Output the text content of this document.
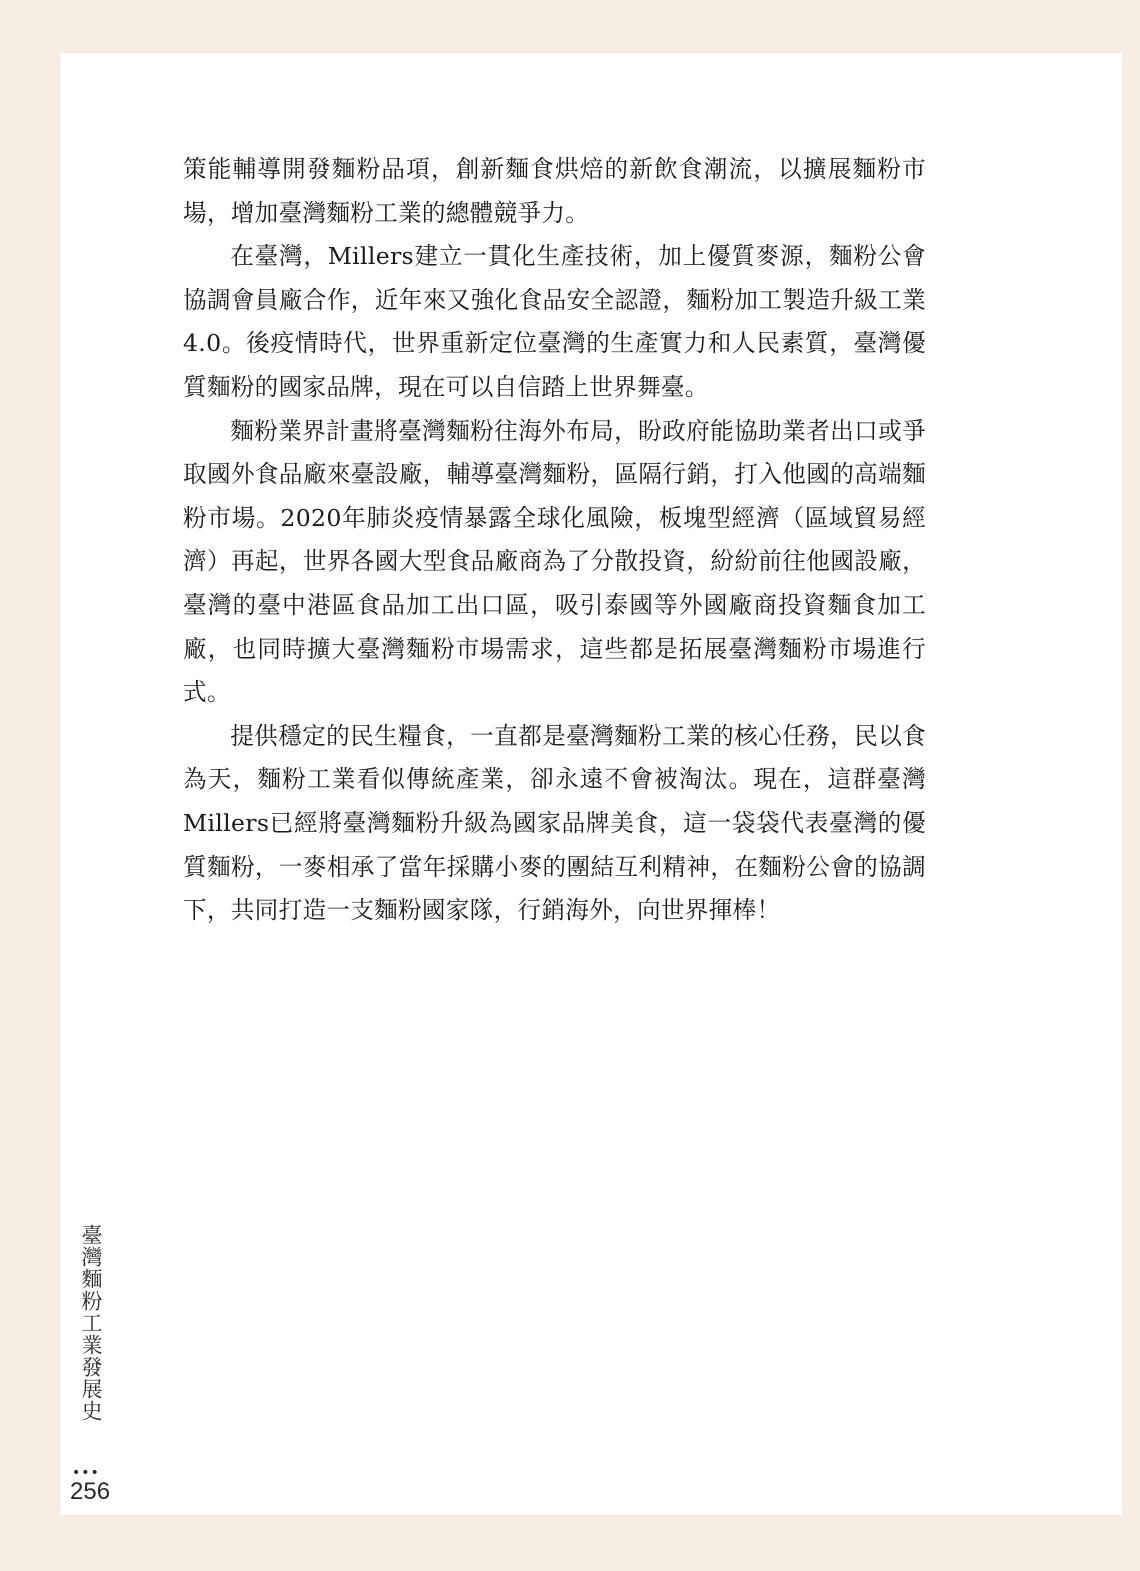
策能輔導開發麵粉品項，創新麵食烘焙的新飲食潮流，以擴展麵粉市場，增加臺灣麵粉工業的總體競爭力。

在臺灣，Millers建立一貫化生產技術，加上優質麥源，麵粉公會協調會員廠合作，近年來又強化食品安全認證，麵粉加工製造升級工業4.0。後疫情時代，世界重新定位臺灣的生產實力和人民素質，臺灣優質麵粉的國家品牌，現在可以自信踏上世界舞臺。

麵粉業界計畫將臺灣麵粉往海外布局，盼政府能協助業者出口或爭取國外食品廠來臺設廠，輔導臺灣麵粉，區隔行銷，打入他國的高端麵粉市場。2020年肺炎疫情暴露全球化風險，板塊型經濟（區域貿易經濟）再起，世界各國大型食品廠商為了分散投資，紛紛前往他國設廠，臺灣的臺中港區食品加工出口區，吸引泰國等外國廠商投資麵食加工廠，也同時擴大臺灣麵粉市場需求，這些都是拓展臺灣麵粉市場進行式。

提供穩定的民生糧食，一直都是臺灣麵粉工業的核心任務，民以食為天，麵粉工業看似傳統產業，卻永遠不會被淘汰。現在，這群臺灣Millers已經將臺灣麵粉升級為國家品牌美食，這一袋袋代表臺灣的優質麵粉，一麥相承了當年採購小麥的團結互利精神，在麵粉公會的協調下，共同打造一支麵粉國家隊，行銷海外，向世界揮棒！

臺灣麵粉工業發展史
•••
256
